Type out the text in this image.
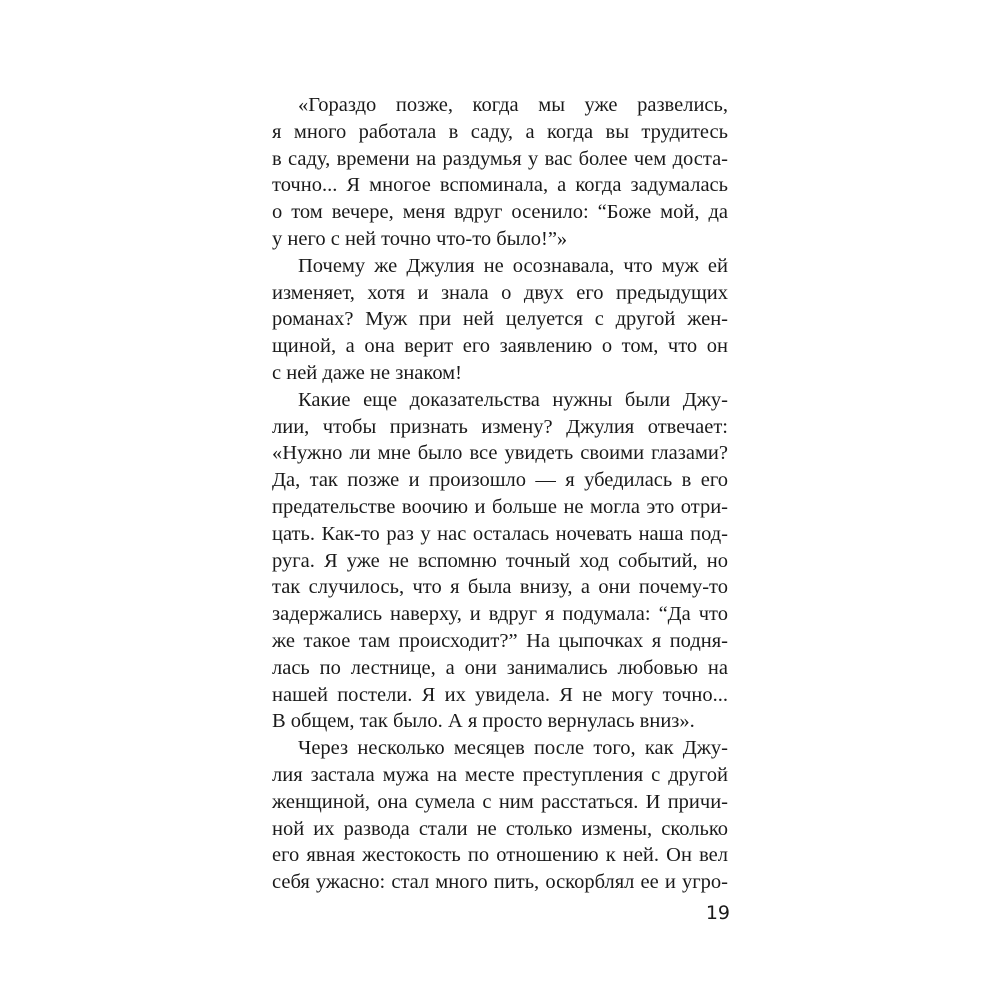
«Гораздо позже, когда мы уже развелись,
я много работала в саду, а когда вы трудитесь
в саду, времени на раздумья у вас более чем доста-
точно... Я многое вспоминала, а когда задумалась
о том вечере, меня вдруг осенило: “Боже мой, да
у него с ней точно что-то было!”»
Почему же Джулия не осознавала, что муж ей
изменяет, хотя и знала о двух его предыдущих
романах? Муж при ней целуется с другой жен-
щиной, а она верит его заявлению о том, что он
с ней даже не знаком!
Какие еще доказательства нужны были Джу-
лии, чтобы признать измену? Джулия отвечает:
«Нужно ли мне было все увидеть своими глазами?
Да, так позже и произошло — я убедилась в его
предательстве воочию и больше не могла это отри-
цать. Как-то раз у нас осталась ночевать наша под-
руга. Я уже не вспомню точный ход событий, но
так случилось, что я была внизу, а они почему-то
задержались наверху, и вдруг я подумала: “Да что
же такое там происходит?” На цыпочках я подня-
лась по лестнице, а они занимались любовью на
нашей постели. Я их увидела. Я не могу точно...
В общем, так было. А я просто вернулась вниз».
Через несколько месяцев после того, как Джу-
лия застала мужа на месте преступления с другой
женщиной, она сумела с ним расстаться. И причи-
ной их развода стали не столько измены, сколько
его явная жестокость по отношению к ней. Он вел
себя ужасно: стал много пить, оскорблял ее и угро-
19
